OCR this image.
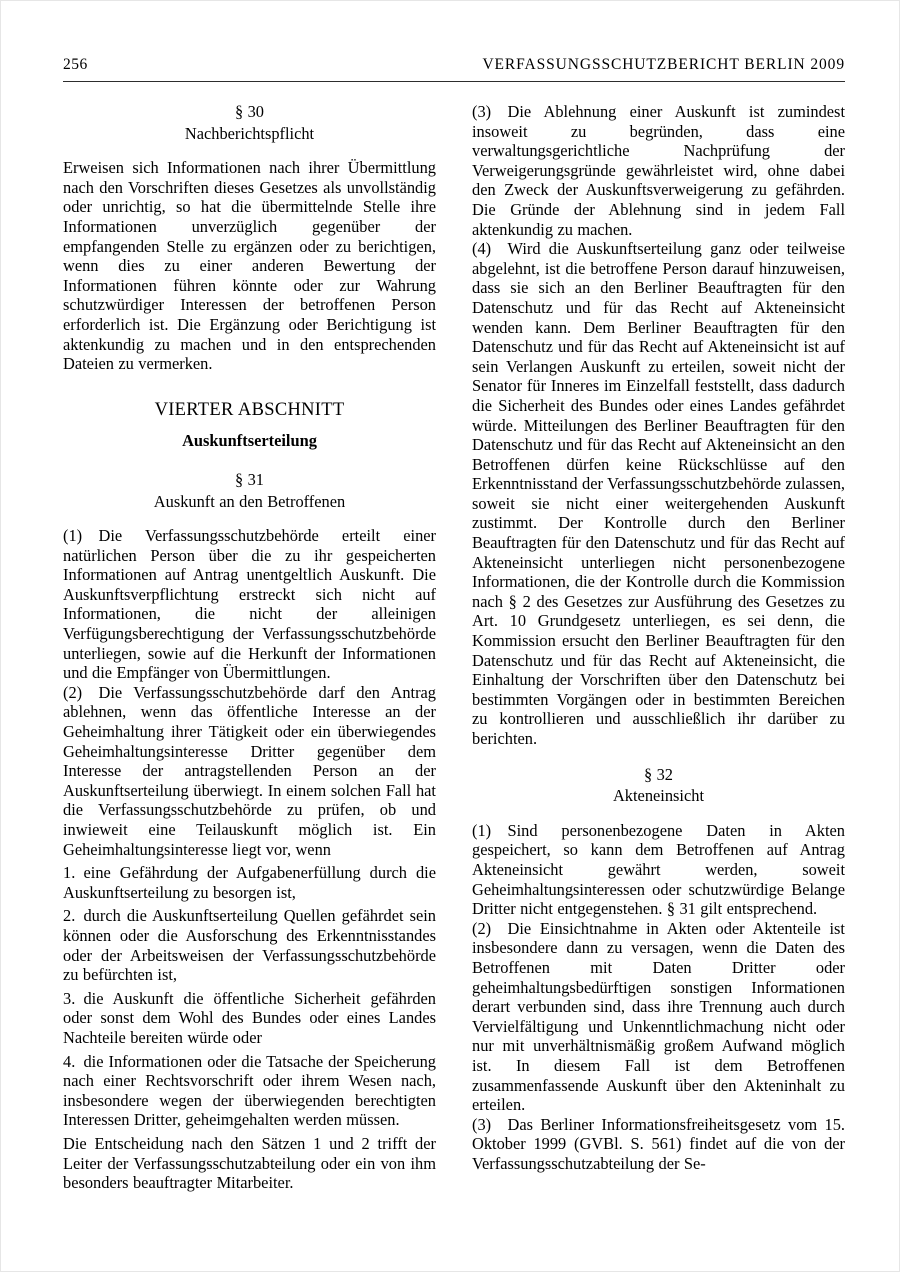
256	VERFASSUNGSSCHUTZBERICHT BERLIN 2009
§ 30
Nachberichtspflicht
Erweisen sich Informationen nach ihrer Übermittlung nach den Vorschriften dieses Gesetzes als unvollständig oder unrichtig, so hat die übermittelnde Stelle ihre Informationen unverzüglich gegenüber der empfangenden Stelle zu ergänzen oder zu berichtigen, wenn dies zu einer anderen Bewertung der Informationen führen könnte oder zur Wahrung schutzwürdiger Interessen der betroffenen Person erforderlich ist. Die Ergänzung oder Berichtigung ist aktenkundig zu machen und in den entsprechenden Dateien zu vermerken.
VIERTER ABSCHNITT
Auskunftserteilung
§ 31
Auskunft an den Betroffenen
(1) Die Verfassungsschutzbehörde erteilt einer natürlichen Person über die zu ihr gespeicherten Informationen auf Antrag unentgeltlich Auskunft. Die Auskunftsverpflichtung erstreckt sich nicht auf Informationen, die nicht der alleinigen Verfügungsberechtigung der Verfassungsschutzbehörde unterliegen, sowie auf die Herkunft der Informationen und die Empfänger von Übermittlungen.
(2) Die Verfassungsschutzbehörde darf den Antrag ablehnen, wenn das öffentliche Interesse an der Geheimhaltung ihrer Tätigkeit oder ein überwiegendes Geheimhaltungsinteresse Dritter gegenüber dem Interesse der antragstellenden Person an der Auskunftserteilung überwiegt. In einem solchen Fall hat die Verfassungsschutzbehörde zu prüfen, ob und inwieweit eine Teilauskunft möglich ist. Ein Geheimhaltungsinteresse liegt vor, wenn
1. eine Gefährdung der Aufgabenerfüllung durch die Auskunftserteilung zu besorgen ist,
2. durch die Auskunftserteilung Quellen gefährdet sein können oder die Ausforschung des Erkenntnisstandes oder der Arbeitsweisen der Verfassungsschutzbehörde zu befürchten ist,
3. die Auskunft die öffentliche Sicherheit gefährden oder sonst dem Wohl des Bundes oder eines Landes Nachteile bereiten würde oder
4. die Informationen oder die Tatsache der Speicherung nach einer Rechtsvorschrift oder ihrem Wesen nach, insbesondere wegen der überwiegenden berechtigten Interessen Dritter, geheimgehalten werden müssen.
Die Entscheidung nach den Sätzen 1 und 2 trifft der Leiter der Verfassungsschutzabteilung oder ein von ihm besonders beauftragter Mitarbeiter.
(3) Die Ablehnung einer Auskunft ist zumindest insoweit zu begründen, dass eine verwaltungsgerichtliche Nachprüfung der Verweigerungsgründe gewährleistet wird, ohne dabei den Zweck der Auskunftsverweigerung zu gefährden. Die Gründe der Ablehnung sind in jedem Fall aktenkundig zu machen.
(4) Wird die Auskunftserteilung ganz oder teilweise abgelehnt, ist die betroffene Person darauf hinzuweisen, dass sie sich an den Berliner Beauftragten für den Datenschutz und für das Recht auf Akteneinsicht wenden kann. Dem Berliner Beauftragten für den Datenschutz und für das Recht auf Akteneinsicht ist auf sein Verlangen Auskunft zu erteilen, soweit nicht der Senator für Inneres im Einzelfall feststellt, dass dadurch die Sicherheit des Bundes oder eines Landes gefährdet würde. Mitteilungen des Berliner Beauftragten für den Datenschutz und für das Recht auf Akteneinsicht an den Betroffenen dürfen keine Rückschlüsse auf den Erkenntnisstand der Verfassungsschutzbehörde zulassen, soweit sie nicht einer weitergehenden Auskunft zustimmt. Der Kontrolle durch den Berliner Beauftragten für den Datenschutz und für das Recht auf Akteneinsicht unterliegen nicht personenbezogene Informationen, die der Kontrolle durch die Kommission nach § 2 des Gesetzes zur Ausführung des Gesetzes zu Art. 10 Grundgesetz unterliegen, es sei denn, die Kommission ersucht den Berliner Beauftragten für den Datenschutz und für das Recht auf Akteneinsicht, die Einhaltung der Vorschriften über den Datenschutz bei bestimmten Vorgängen oder in bestimmten Bereichen zu kontrollieren und ausschließlich ihr darüber zu berichten.
§ 32
Akteneinsicht
(1) Sind personenbezogene Daten in Akten gespeichert, so kann dem Betroffenen auf Antrag Akteneinsicht gewährt werden, soweit Geheimhaltungsinteressen oder schutzwürdige Belange Dritter nicht entgegenstehen. § 31 gilt entsprechend.
(2) Die Einsichtnahme in Akten oder Aktenteile ist insbesondere dann zu versagen, wenn die Daten des Betroffenen mit Daten Dritter oder geheimhaltungsbedürftigen sonstigen Informationen derart verbunden sind, dass ihre Trennung auch durch Vervielfältigung und Unkenntlichmachung nicht oder nur mit unverhältnismäßig großem Aufwand möglich ist. In diesem Fall ist dem Betroffenen zusammenfassende Auskunft über den Akteninhalt zu erteilen.
(3) Das Berliner Informationsfreiheitsgesetz vom 15. Oktober 1999 (GVBl. S. 561) findet auf die von der Verfassungsschutzabteilung der Se-
